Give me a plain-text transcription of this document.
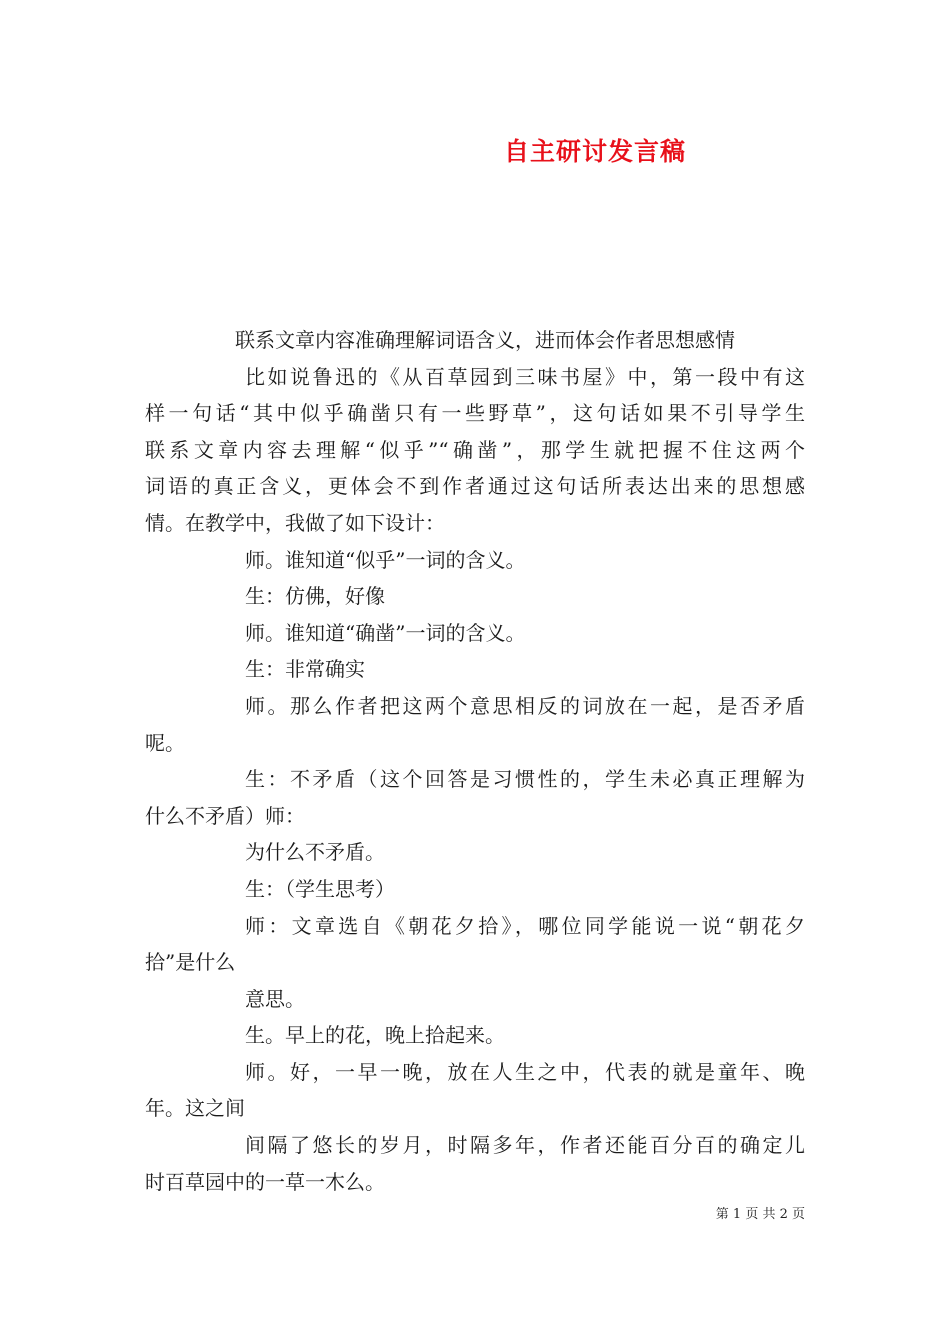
自主研讨发言稿
联系文章内容准确理解词语含义，进而体会作者思想感情
比如说鲁迅的《从百草园到三味书屋》中，第一段中有这
样一句话“其中似乎确凿只有一些野草”，这句话如果不引导学生
联系文章内容去理解“似乎”“确凿”，那学生就把握不住这两个
词语的真正含义，更体会不到作者通过这句话所表达出来的思想感
情。在教学中，我做了如下设计：
师。谁知道“似乎”一词的含义。
生：仿佛，好像
师。谁知道“确凿”一词的含义。
生：非常确实
师。那么作者把这两个意思相反的词放在一起，是否矛盾
呢。
生：不矛盾（这个回答是习惯性的，学生未必真正理解为
什么不矛盾）师：
为什么不矛盾。
生：（学生思考）
师：文章选自《朝花夕拾》，哪位同学能说一说“朝花夕
拾”是什么
意思。
生。早上的花，晚上拾起来。
师。好，一早一晚，放在人生之中，代表的就是童年、晚
年。这之间
间隔了悠长的岁月，时隔多年，作者还能百分百的确定儿
时百草园中的一草一木么。
第 1 页 共 2 页
